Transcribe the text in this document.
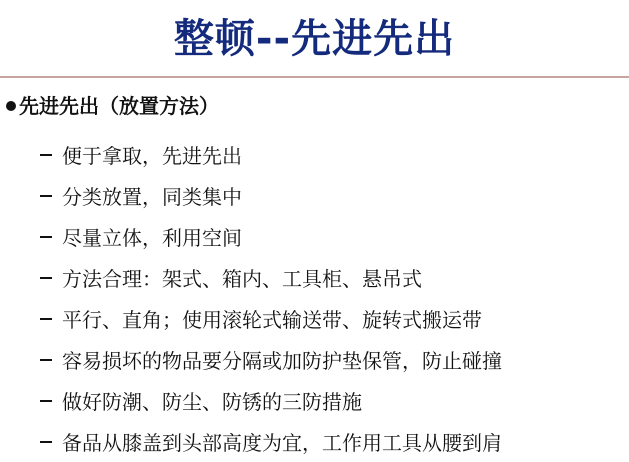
整顿--先进先出
先进先出（放置方法）
便于拿取，先进先出
分类放置，同类集中
尽量立体，利用空间
方法合理：架式、箱内、工具柜、悬吊式
平行、直角；使用滚轮式输送带、旋转式搬运带
容易损坏的物品要分隔或加防护垫保管，防止碰撞
做好防潮、防尘、防锈的三防措施
备品从膝盖到头部高度为宜，工作用工具从腰到肩
